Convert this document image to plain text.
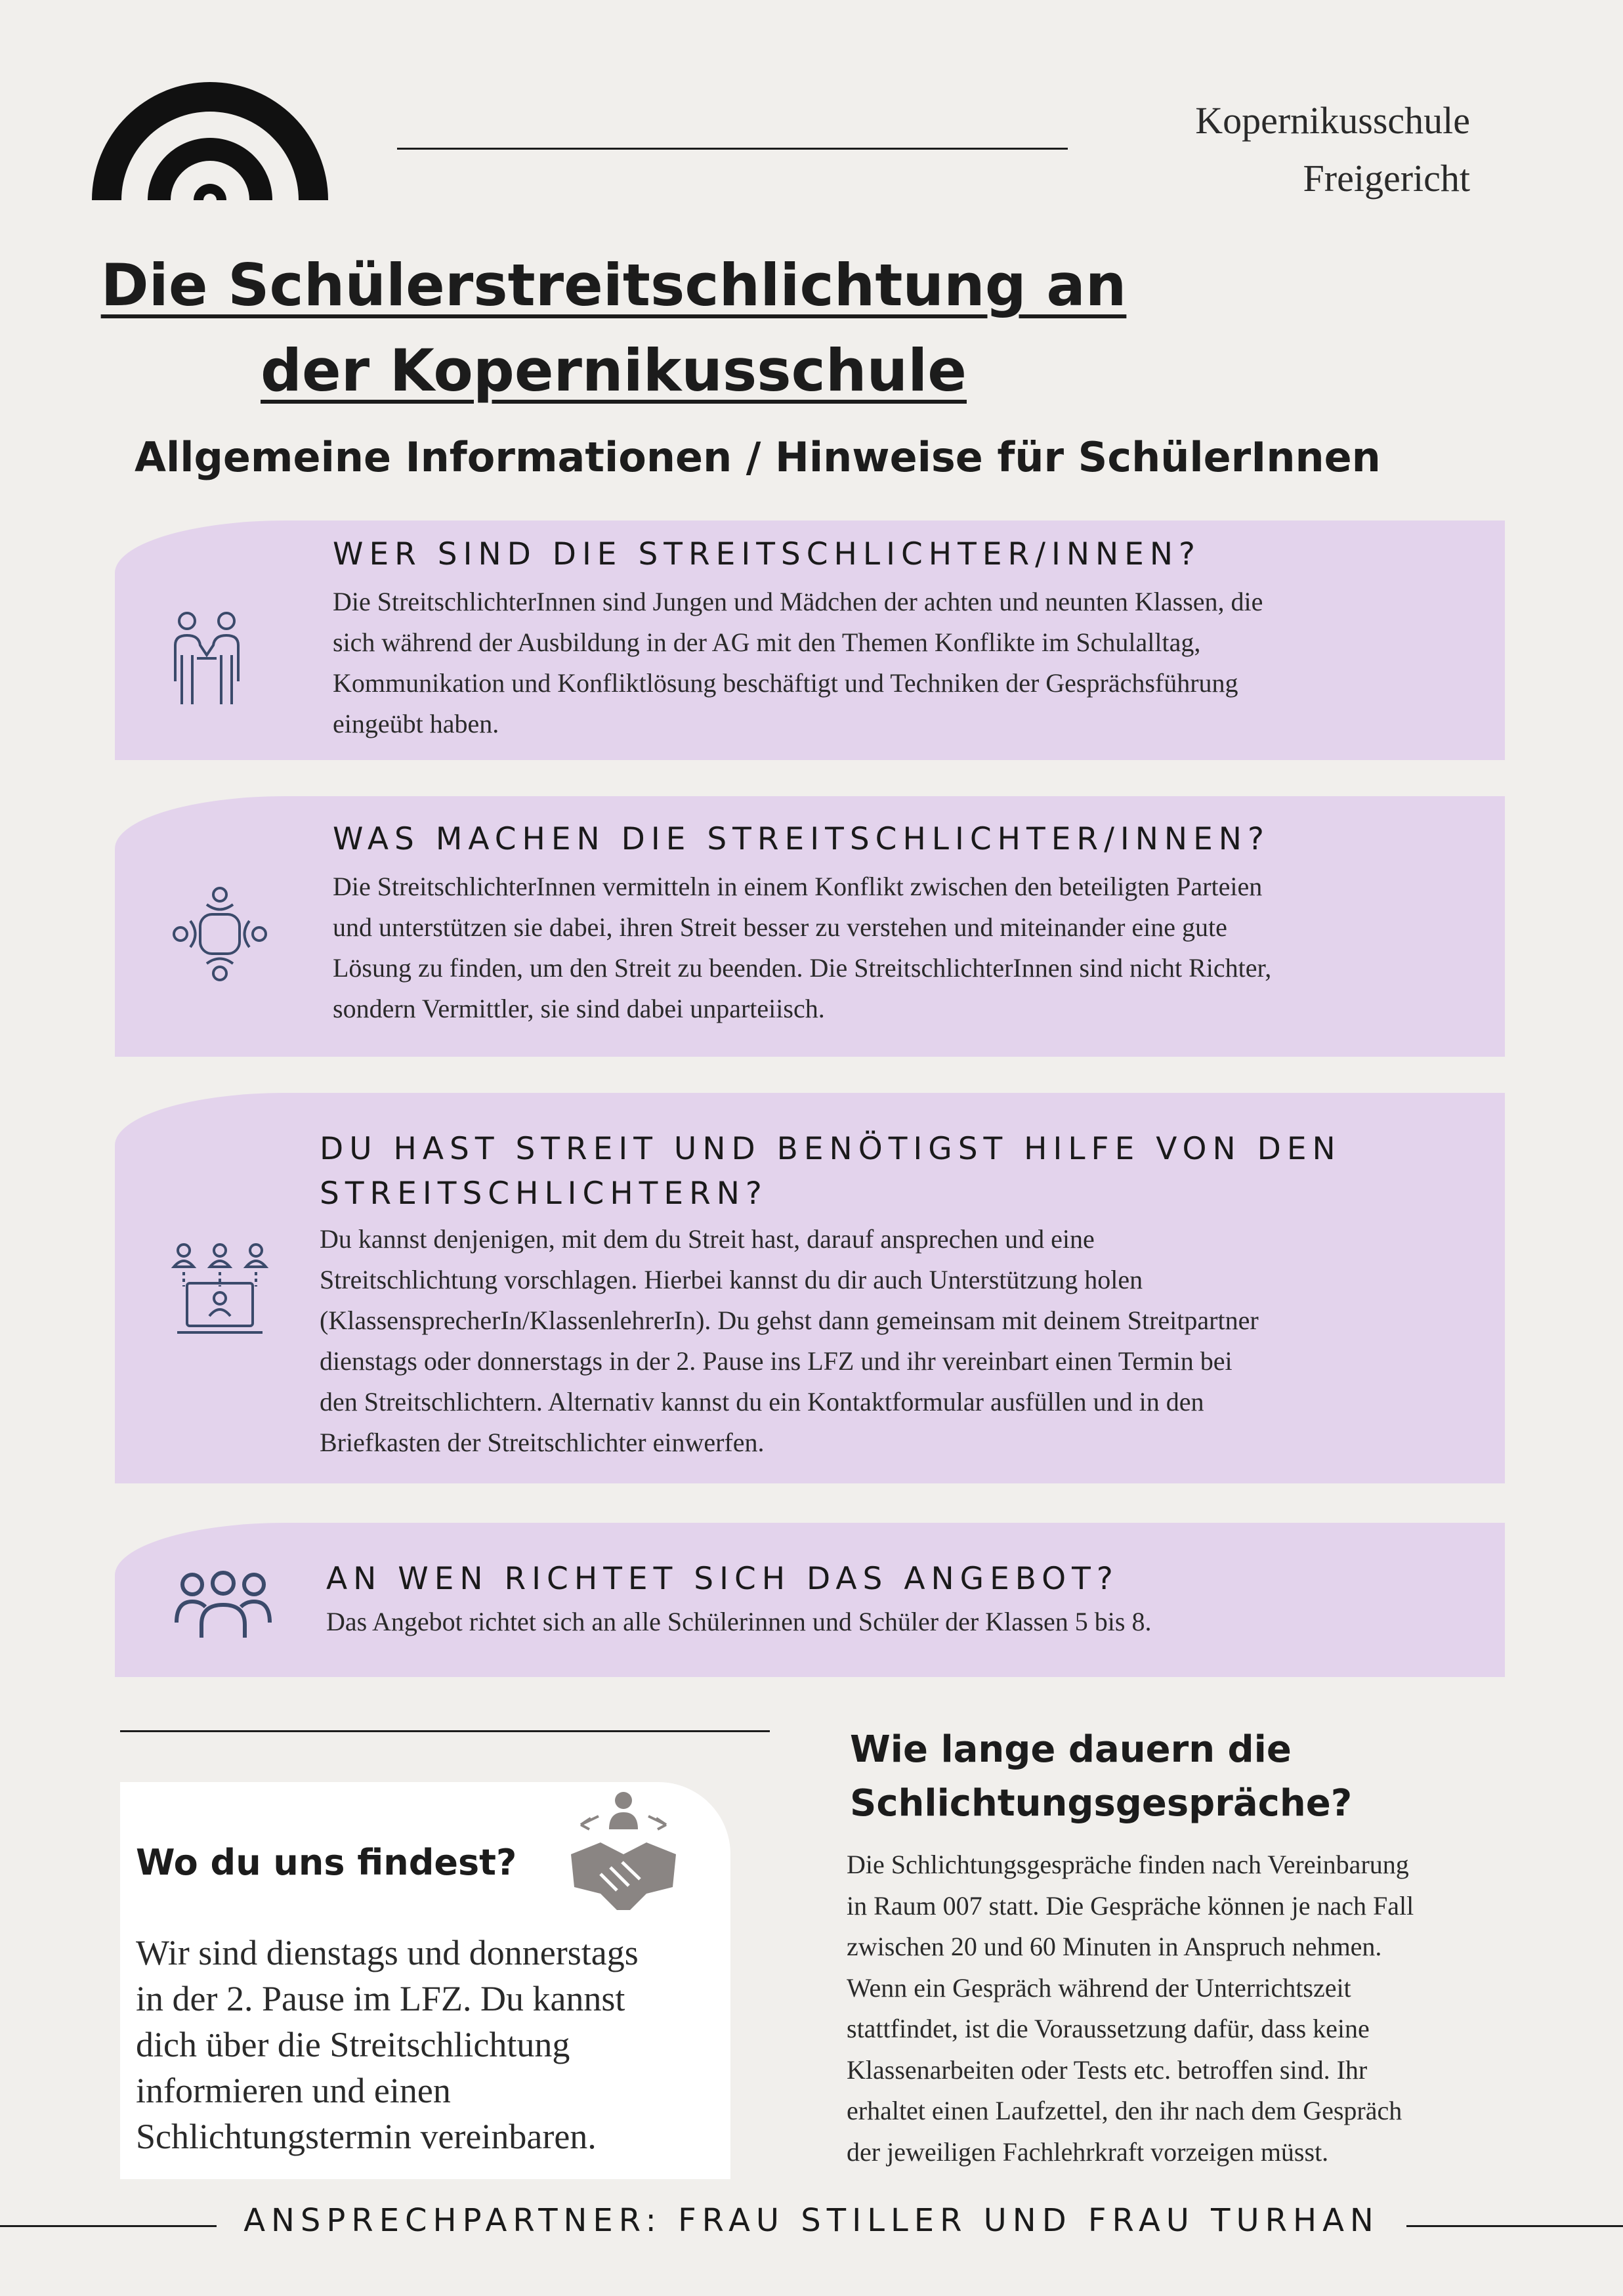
Kopernikusschule
Freigericht
Die Schülerstreitschlichtung an
der Kopernikusschule
Allgemeine Informationen / Hinweise für SchülerInnen
WER SIND DIE STREITSCHLICHTER/INNEN?
Die StreitschlichterInnen sind Jungen und Mädchen der achten und neunten Klassen, die
sich während der Ausbildung in der AG mit den Themen Konflikte im Schulalltag,
Kommunikation und Konfliktlösung beschäftigt und Techniken der Gesprächsführung
eingeübt haben.
WAS MACHEN DIE STREITSCHLICHTER/INNEN?
Die StreitschlichterInnen vermitteln in einem Konflikt zwischen den beteiligten Parteien
und unterstützen sie dabei, ihren Streit besser zu verstehen und miteinander eine gute
Lösung zu finden, um den Streit zu beenden. Die StreitschlichterInnen sind nicht Richter,
sondern Vermittler, sie sind dabei unparteiisch.
DU HAST STREIT UND BENÖTIGST HILFE VON DEN
STREITSCHLICHTERN?
Du kannst denjenigen, mit dem du Streit hast, darauf ansprechen und eine
Streitschlichtung vorschlagen. Hierbei kannst du dir auch Unterstützung holen
(KlassensprecherIn/KlassenlehrerIn). Du gehst dann gemeinsam mit deinem Streitpartner
dienstags oder donnerstags in der 2. Pause ins LFZ und ihr vereinbart einen Termin bei
den Streitschlichtern. Alternativ kannst du ein Kontaktformular ausfüllen und in den
Briefkasten der Streitschlichter einwerfen.
AN WEN RICHTET SICH DAS ANGEBOT?
Das Angebot richtet sich an alle Schülerinnen und Schüler der Klassen 5 bis 8.
Wo du uns findest?
Wir sind dienstags und donnerstags
in der 2. Pause im LFZ. Du kannst
dich über die Streitschlichtung
informieren und einen
Schlichtungstermin vereinbaren.
Wie lange dauern die
Schlichtungsgespräche?
Die Schlichtungsgespräche finden nach Vereinbarung
in Raum 007 statt. Die Gespräche können je nach Fall
zwischen 20 und 60 Minuten in Anspruch nehmen.
Wenn ein Gespräch während der Unterrichtszeit
stattfindet, ist die Voraussetzung dafür, dass keine
Klassenarbeiten oder Tests etc. betroffen sind. Ihr
erhaltet einen Laufzettel, den ihr nach dem Gespräch
der jeweiligen Fachlehrkraft vorzeigen müsst.
ANSPRECHPARTNER: FRAU STILLER UND FRAU TURHAN
